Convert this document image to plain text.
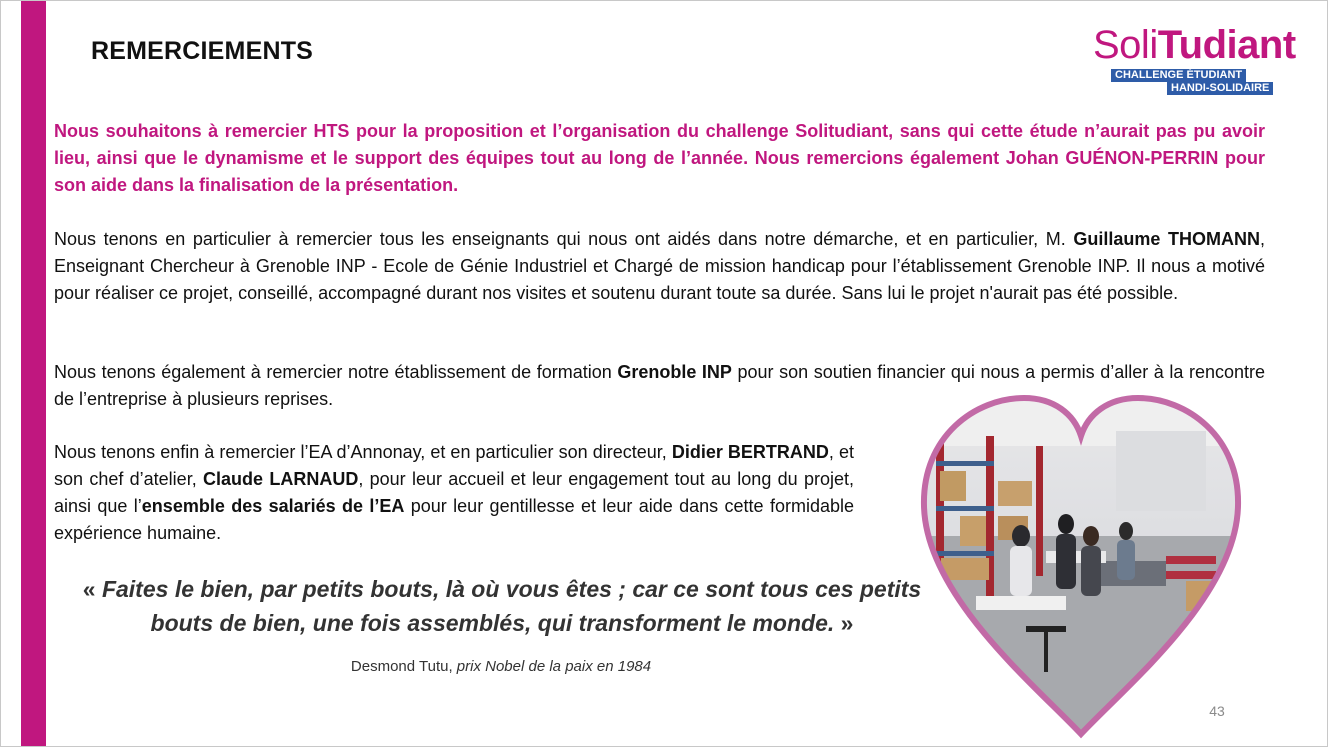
REMERCIEMENTS	SoliTudiant
CHALLENGE ÉTUDIANT
HANDI-SOLIDAIRE

Nous souhaitons à remercier HTS pour la proposition et l’organisation du challenge Solitudiant, sans qui cette étude n’aurait pas pu avoir lieu, ainsi que le dynamisme et le support des équipes tout au long de l’année. Nous remercions également Johan GUÉNON-PERRIN pour son aide dans la finalisation de la présentation.

Nous tenons en particulier à remercier tous les enseignants qui nous ont aidés dans notre démarche, et en particulier, M. Guillaume THOMANN, Enseignant Chercheur à Grenoble INP - Ecole de Génie Industriel et Chargé de mission handicap pour l’établissement Grenoble INP. Il nous a motivé pour réaliser ce projet, conseillé, accompagné durant nos visites et soutenu durant toute sa durée. Sans lui le projet n'aurait pas été possible.

Nous tenons également à remercier notre établissement de formation Grenoble INP pour son soutien financier qui nous a permis d’aller à la rencontre de l’entreprise à plusieurs reprises.

Nous tenons enfin à remercier l’EA d’Annonay, et en particulier son directeur, Didier BERTRAND, et son chef d’atelier, Claude LARNAUD, pour leur accueil et leur engagement tout au long du projet, ainsi que l’ensemble des salariés de l’EA pour leur gentillesse et leur aide dans cette formidable expérience humaine.

« Faites le bien, par petits bouts, là où vous êtes ; car ce sont tous ces petits bouts de bien, une fois assemblés, qui transforment le monde. »

Desmond Tutu, prix Nobel de la paix en 1984

43
